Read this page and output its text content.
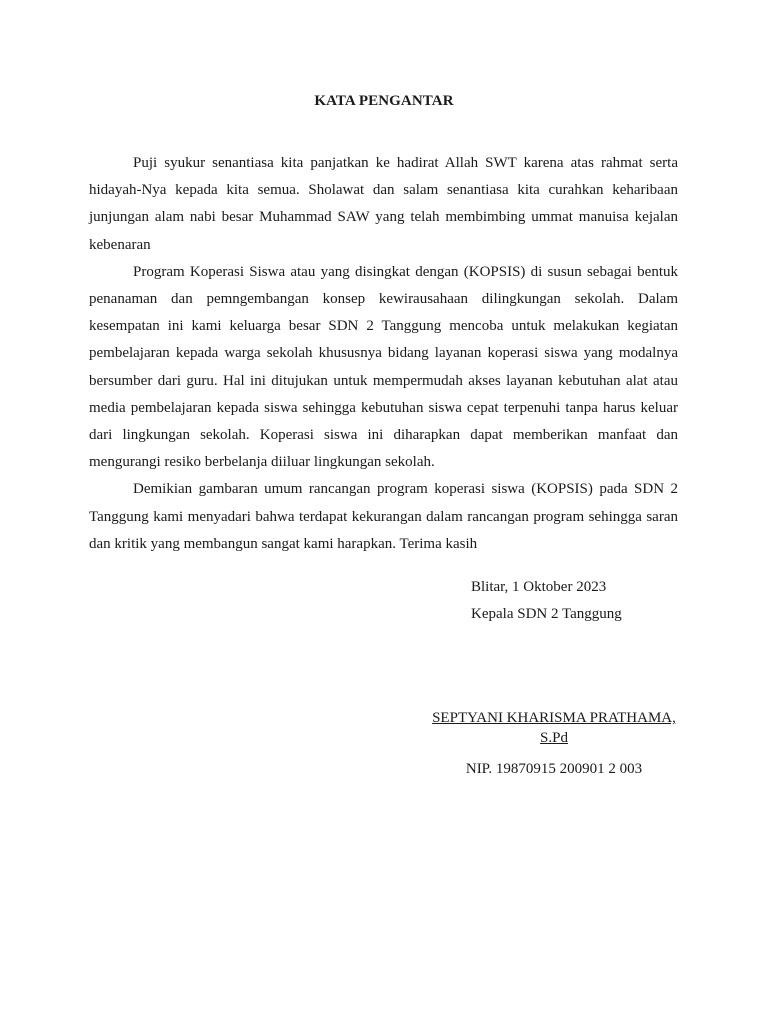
KATA PENGANTAR

Puji syukur senantiasa kita panjatkan ke hadirat Allah SWT karena atas rahmat serta hidayah-Nya kepada kita semua. Sholawat dan salam senantiasa kita curahkan keharibaan junjungan alam nabi besar Muhammad SAW yang telah membimbing ummat manuisa kejalan kebenaran

Program Koperasi Siswa atau yang disingkat dengan (KOPSIS) di susun sebagai bentuk penanaman dan pemngembangan konsep kewirausahaan dilingkungan sekolah. Dalam kesempatan ini kami keluarga besar SDN 2 Tanggung mencoba untuk melakukan kegiatan pembelajaran kepada warga sekolah khususnya bidang layanan koperasi siswa yang modalnya bersumber dari guru. Hal ini ditujukan untuk mempermudah akses layanan kebutuhan alat atau media pembelajaran kepada siswa sehingga kebutuhan siswa cepat terpenuhi tanpa harus keluar dari lingkungan sekolah. Koperasi siswa ini diharapkan dapat memberikan manfaat dan mengurangi resiko berbelanja diiluar lingkungan sekolah.

Demikian gambaran umum rancangan program koperasi siswa (KOPSIS) pada SDN 2 Tanggung kami menyadari bahwa terdapat kekurangan dalam rancangan program sehingga saran dan kritik yang membangun sangat kami harapkan. Terima kasih

Blitar, 1 Oktober 2023
Kepala SDN 2 Tanggung
SEPTYANI KHARISMA PRATHAMA, S.Pd
NIP. 19870915 200901 2 003
